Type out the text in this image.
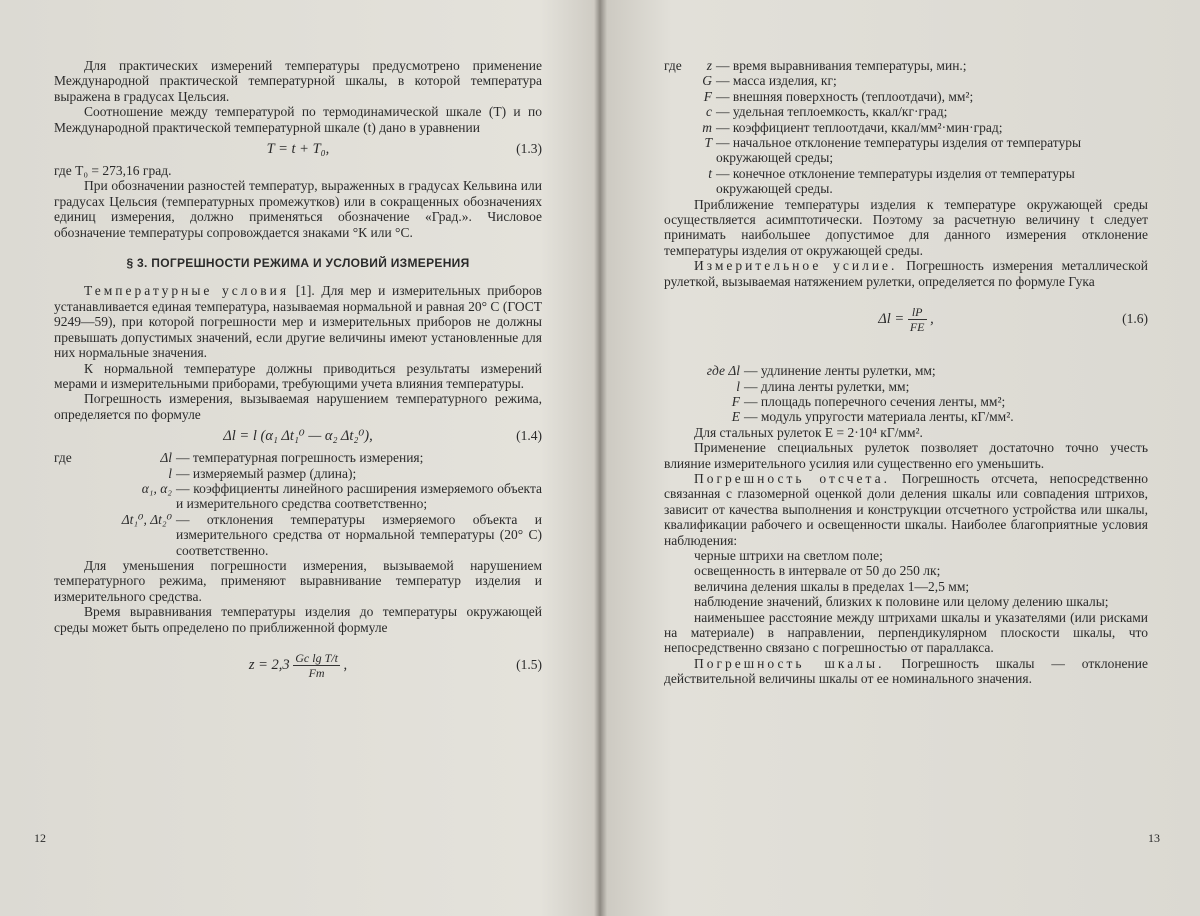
Для практических измерений температуры предусмотрено применение Международной практической температурной шкалы, в которой температура выражена в градусах Цельсия.

Соотношение между температурой по термодинамической шкале (T) и по Международной практической температурной шкале (t) дано в уравнении

T = t + T₀,	(1.3)

где T₀ = 273,16 град.

При обозначении разностей температур, выраженных в градусах Кельвина или градусах Цельсия (температурных промежутков) или в сокращенных обозначениях единиц измерения, должно применяться обозначение «Град.». Числовое обозначение температуры сопровождается знаками °К или °С.

§ 3. ПОГРЕШНОСТИ РЕЖИМА И УСЛОВИЙ ИЗМЕРЕНИЯ

Температурные условия [1]. Для мер и измерительных приборов устанавливается единая температура, называемая нормальной и равная 20° С (ГОСТ 9249—59), при которой погрешности мер и измерительных приборов не должны превышать допустимых значений, если другие величины имеют установленные для них нормальные значения.

К нормальной температуре должны приводиться результаты измерений мерами и измерительными приборами, требующими учета влияния температуры.

Погрешность измерения, вызываемая нарушением температурного режима, определяется по формуле

Δl = l (α₁ Δt₁⁰ — α₂ Δt₂⁰),	(1.4)
где	Δl — температурная погрешность измерения;
l — измеряемый размер (длина);
α₁, α₂ — коэффициенты линейного расширения измеряемого объекта и измерительного средства соответственно;
Δt₁⁰, Δt₂⁰ — отклонения температуры измеряемого объекта и измерительного средства от нормальной температуры (20° С) соответственно.

Для уменьшения погрешности измерения, вызываемой нарушением температурного режима, применяют выравнивание температур изделия и измерительного средства.

Время выравнивания температуры изделия до температуры окружающей среды может быть определено по приближенной формуле

$z = 2,3 \frac{\text{Gc lg T/t}}{Fm}$ ,	(1.5)
12
где	z — время выравнивания температуры, мин.;
G — масса изделия, кг;
F — внешняя поверхность (теплоотдачи), мм²;
c — удельная теплоемкость, ккал/кг·град;
m — коэффициент теплоотдачи, ккал/мм²·мин·град;
T — начальное отклонение температуры изделия от температуры окружающей среды;
t — конечное отклонение температуры изделия от температуры окружающей среды.

Приближение температуры изделия к температуре окружающей среды осуществляется асимптотически. Поэтому за расчетную величину t следует принимать наибольшее допустимое для данного измерения отклонение температуры изделия от окружающей среды.

Измерительное усилие. Погрешность измерения металлической рулеткой, вызываемая натяжением рулетки, определяется по формуле Гука

$\Delta l = \frac{lP}{FE}$ ,	(1.6)
где Δl — удлинение ленты рулетки, мм;
l — длина ленты рулетки, мм;
F — площадь поперечного сечения ленты, мм²;
E — модуль упругости материала ленты, кГ/мм².

Для стальных рулеток E = 2·10⁴ кГ/мм².

Применение специальных рулеток позволяет достаточно точно учесть влияние измерительного усилия или существенно его уменьшить.

Погрешность отсчета. Погрешность отсчета, непосредственно связанная с глазомерной оценкой доли деления шкалы или совпадения штрихов, зависит от качества выполнения и конструкции отсчетного устройства или шкалы, квалификации рабочего и освещенности шкалы. Наиболее благоприятные условия наблюдения:

черные штрихи на светлом поле;

освещенность в интервале от 50 до 250 лк;

величина деления шкалы в пределах 1—2,5 мм;

наблюдение значений, близких к половине или целому делению шкалы;

наименьшее расстояние между штрихами шкалы и указателями (или рисками на материале) в направлении, перпендикулярном плоскости шкалы, что непосредственно связано с погрешностью от параллакса.

Погрешность шкалы. Погрешность шкалы — отклонение действительной величины шкалы от ее номинального значения.

13
